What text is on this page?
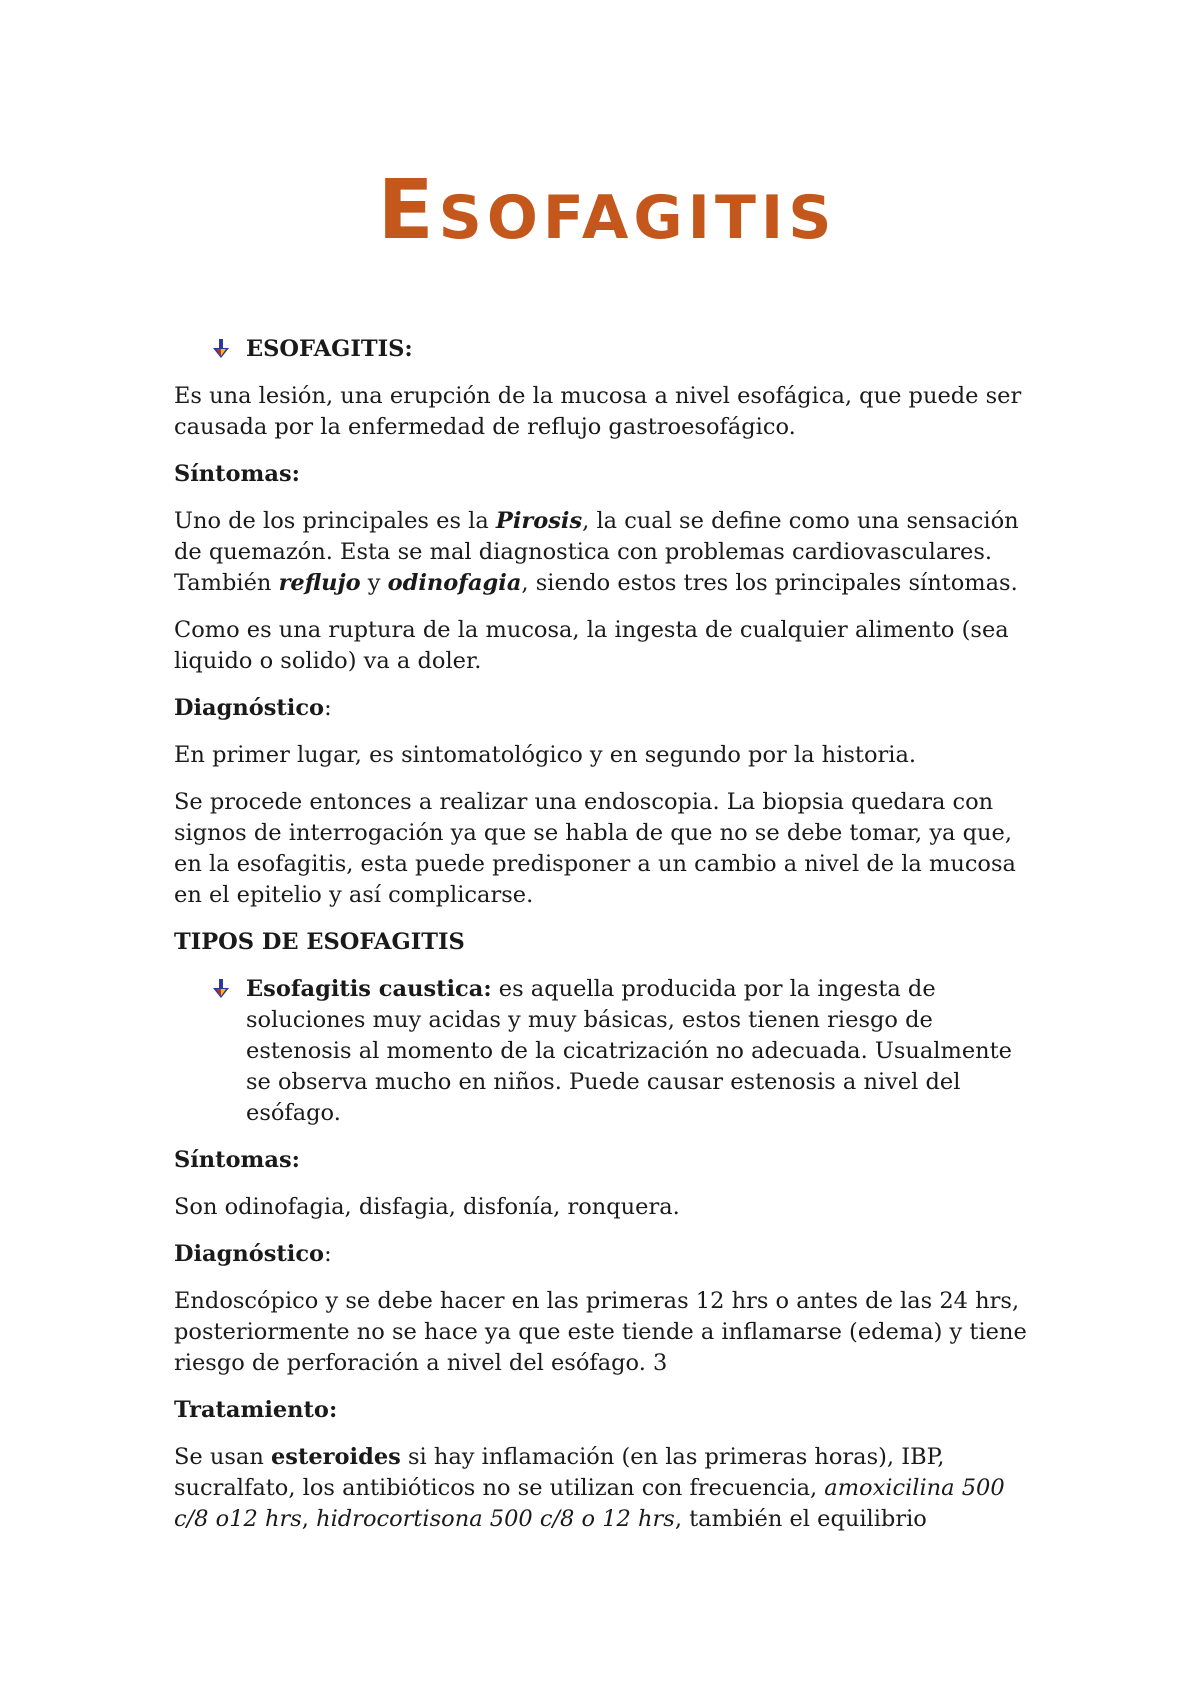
ESOFAGITIS
ESOFAGITIS:

Es una lesión, una erupción de la mucosa a nivel esofágica, que puede ser causada por la enfermedad de reflujo gastroesofágico.

Síntomas:

Uno de los principales es la Pirosis, la cual se define como una sensación de quemazón. Esta se mal diagnostica con problemas cardiovasculares. También reflujo y odinofagia, siendo estos tres los principales síntomas.

Como es una ruptura de la mucosa, la ingesta de cualquier alimento (sea liquido o solido) va a doler.

Diagnóstico:

En primer lugar, es sintomatológico y en segundo por la historia.

Se procede entonces a realizar una endoscopia. La biopsia quedara con signos de interrogación ya que se habla de que no se debe tomar, ya que, en la esofagitis, esta puede predisponer a un cambio a nivel de la mucosa en el epitelio y así complicarse.

TIPOS DE ESOFAGITIS

Esofagitis caustica: es aquella producida por la ingesta de soluciones muy acidas y muy básicas, estos tienen riesgo de estenosis al momento de la cicatrización no adecuada. Usualmente se observa mucho en niños. Puede causar estenosis a nivel del esófago.

Síntomas:

Son odinofagia, disfagia, disfonía, ronquera.

Diagnóstico:

Endoscópico y se debe hacer en las primeras 12 hrs o antes de las 24 hrs, posteriormente no se hace ya que este tiende a inflamarse (edema) y tiene riesgo de perforación a nivel del esófago. 3

Tratamiento:

Se usan esteroides si hay inflamación (en las primeras horas), IBP, sucralfato, los antibióticos no se utilizan con frecuencia, amoxicilina 500 c/8 o12 hrs, hidrocortisona 500 c/8 o 12 hrs, también el equilibrio
